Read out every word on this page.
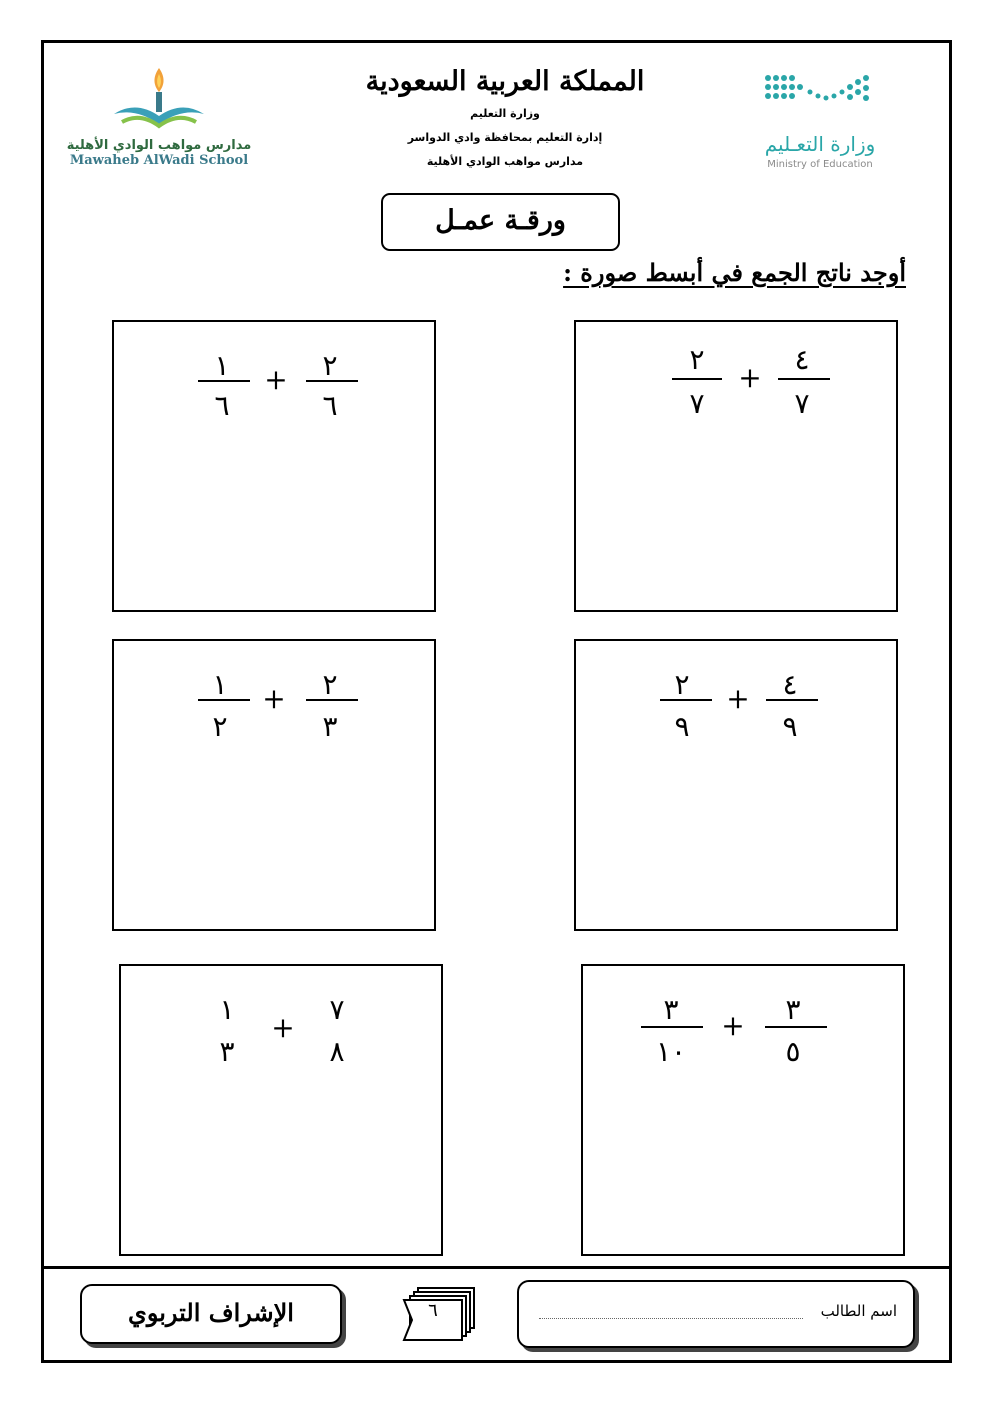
مدارس مواهب الوادي الأهلية
Mawaheb AlWadi School
المملكة العربية السعودية
وزارة التعليم
إدارة التعليم بمحافظة وادي الدواسر
مدارس مواهب الوادي الأهلية
وزارة التعـليم
Ministry of Education
ورقـة عمـل
أوجد ناتج الجمع في أبسط صورة :
٢
٧
+
٤
٧
١
٦
+	٢
٦
٢
٩
+	٤
٩
١
٢
+	٢
٣
٣
١٠
+	٣
٥
١
٣
+
٧
٨
الإشراف التربوي	٦	اسم الطالب
